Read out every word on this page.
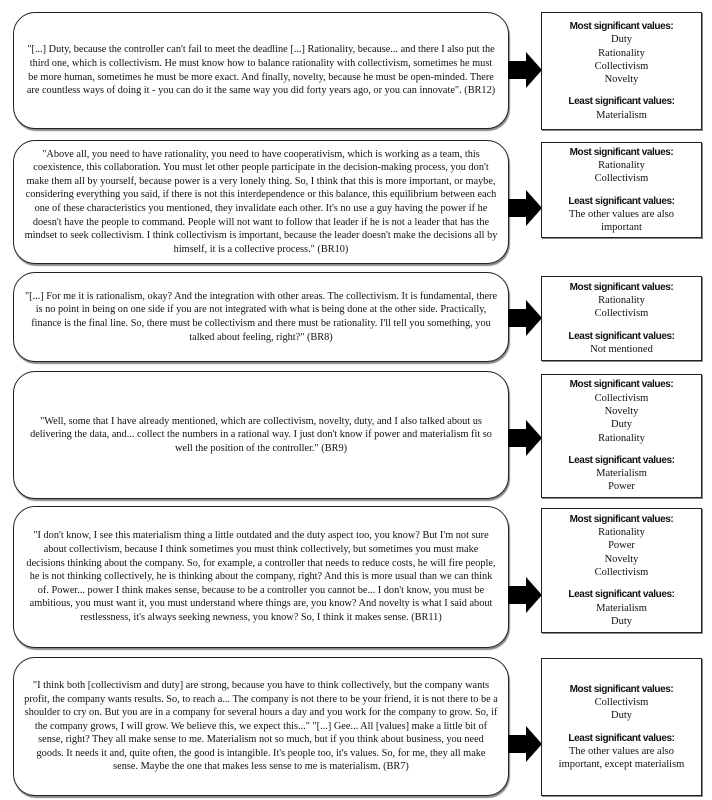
"[...] Duty, because the controller can't fail to meet the deadline [...] Rationality, because... and there I also put the third one, which is collectivism. He must know how to balance rationality with collectivism, sometimes he must be more human, sometimes he must be more exact. And finally, novelty, because he must be open-minded. There are countless ways of doing it - you can do it the same way you did forty years ago, or you can innovate". (BR12)
Most significant values:
Duty
Rationality
Collectivism
Novelty
Least significant values:
Materialism
"Above all, you need to have rationality, you need to have cooperativism, which is working as a team, this coexistence, this collaboration. You must let other people participate in the decision-making process, you don't make them all by yourself, because power is a very lonely thing. So, I think that this is more important, or maybe, considering everything you said, if there is not this interdependence or this balance, this equilibrium between each one of these characteristics you mentioned, they invalidate each other. It's no use a guy having the power if he doesn't have the people to command. People will not want to follow that leader if he is not a leader that has the mindset to seek collectivism. I think collectivism is important, because the leader doesn't make the decisions all by himself, it is a collective process." (BR10)
Most significant values:
Rationality
Collectivism
Least significant values:
The other values are also important
"[...] For me it is rationalism, okay? And the integration with other areas. The collectivism. It is fundamental, there is no point in being on one side if you are not integrated with what is being done at the other side. Practically, finance is the final line. So, there must be collectivism and there must be rationality. I'll tell you something, you talked about feeling, right?" (BR8)
Most significant values:
Rationality
Collectivism
Least significant values:
Not mentioned
"Well, some that I have already mentioned, which are collectivism, novelty, duty, and I also talked about us delivering the data, and... collect the numbers in a rational way. I just don't know if power and materialism fit so well the position of the controller." (BR9)
Most significant values:
Collectivism
Novelty
Duty
Rationality
Least significant values:
Materialism
Power
"I don't know, I see this materialism thing a little outdated and the duty aspect too, you know? But I'm not sure about collectivism, because I think sometimes you must think collectively, but sometimes you must make decisions thinking about the company. So, for example, a controller that needs to reduce costs, he will fire people, he is not thinking collectively, he is thinking about the company, right? And this is more usual than we can think of. Power... power I think makes sense, because to be a controller you cannot be... I don't know, you must be ambitious, you must want it, you must understand where things are, you know? And novelty is what I said about restlessness, it's always seeking newness, you know? So, I think it makes sense. (BR11)
Most significant values:
Rationality
Power
Novelty
Collectivism
Least significant values:
Materialism
Duty
"I think both [collectivism and duty] are strong, because you have to think collectively, but the company wants profit, the company wants results. So, to reach a... The company is not there to be your friend, it is not there to be a shoulder to cry on. But you are in a company for several hours a day and you work for the company to grow. So, if the company grows, I will grow. We believe this, we expect this..." "[...] Gee... All [values] make a little bit of sense, right? They all make sense to me. Materialism not so much, but if you think about business, you need goods. It needs it and, quite often, the good is intangible. It's people too, it's values. So, for me, they all make sense. Maybe the one that makes less sense to me is materialism. (BR7)
Most significant values:
Collectivism
Duty
Least significant values:
The other values are also important, except materialism
